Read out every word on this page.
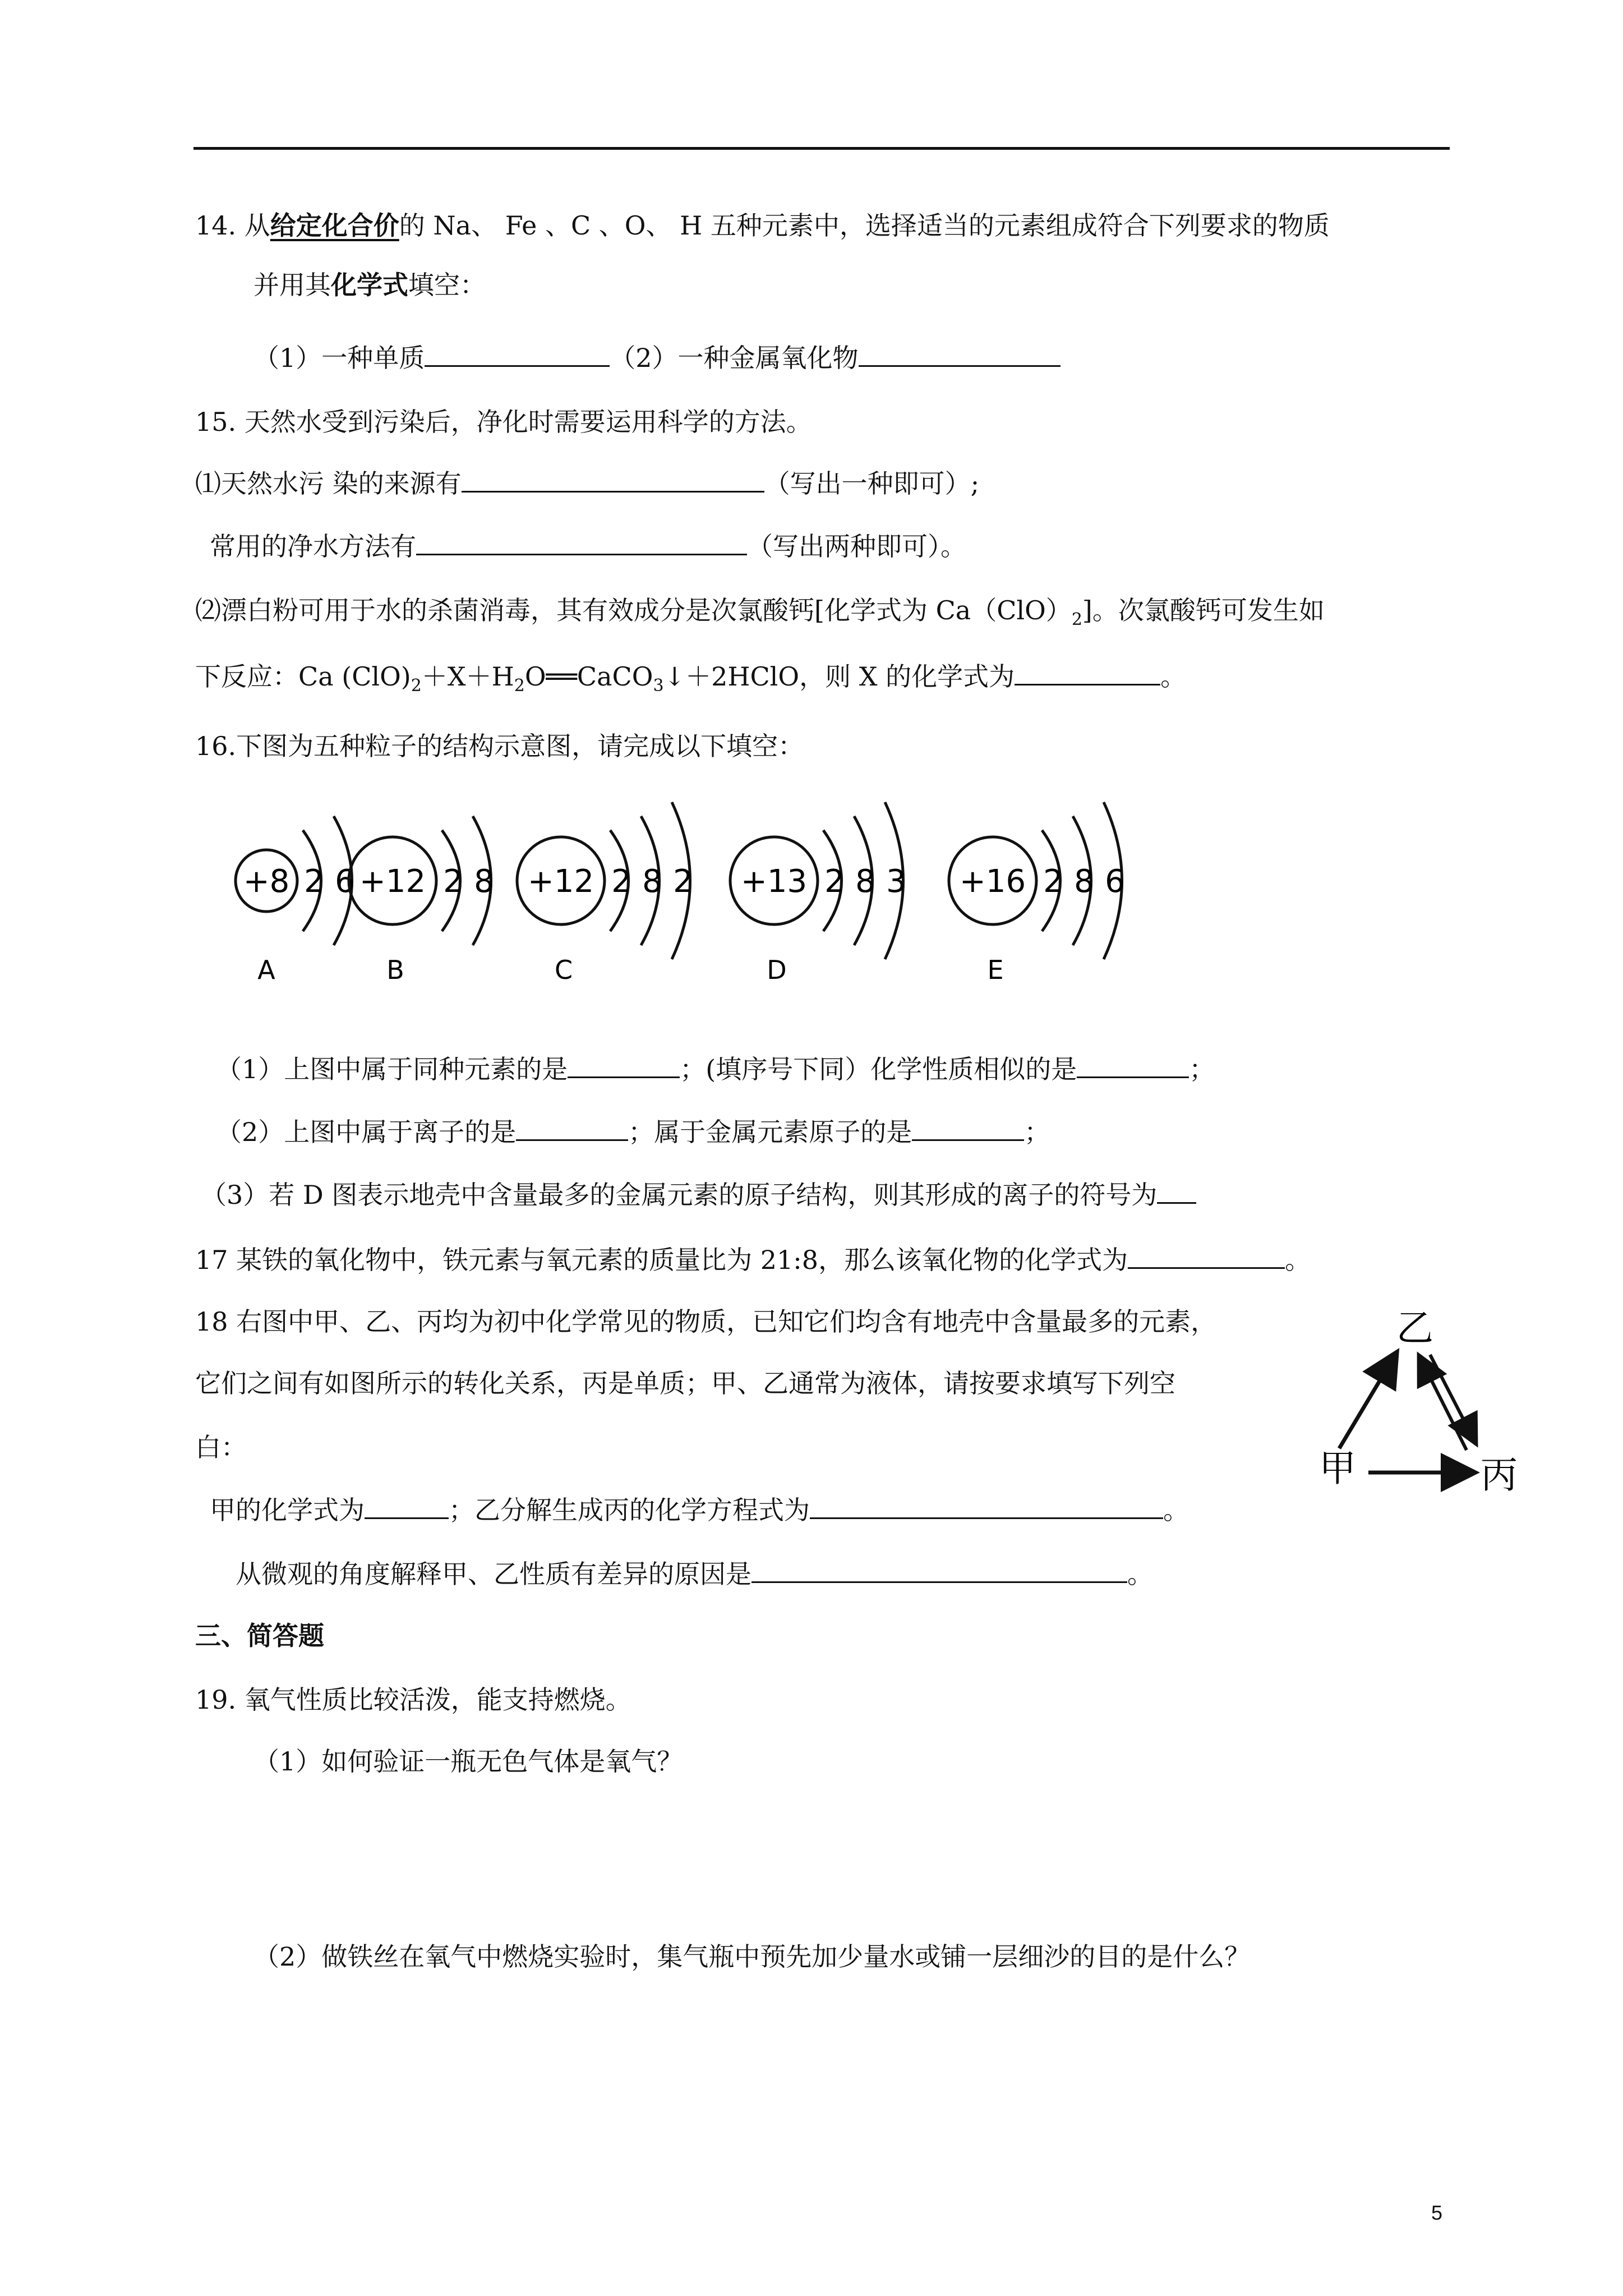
14. 从给定化合价的 Na、 Fe 、C 、O、 H 五种元素中，选择适当的元素组成符合下列要求的物质
并用其化学式填空：
（1）一种单质	（2）一种金属氧化物
15. 天然水受到污染后，净化时需要运用科学的方法。
⑴天然水污 染的来源有	（写出一种即可）;
常用的净水方法有	（写出两种即可）。
⑵漂白粉可用于水的杀菌消毒，其有效成分是次氯酸钙[化学式为 $Ca(ClO)_2$]。次氯酸钙可发生如
下反应：Ca $(ClO)_2+X+H_2O══CaCO_3↓+2HClO$，则 X 的化学式为	。
16.下图为五种粒子的结构示意图，请完成以下填空：
+8 2 6
A
+12 2 8
B
+12 2 8 2
C
+13 2 8 3
D
+16 2 8 6
E
（1）上图中属于同种元素的是	；(填序号下同）化学性质相似的是	；
（2）上图中属于离子的是	；属于金属元素原子的是	；
（3）若 D 图表示地壳中含量最多的金属元素的原子结构，则其形成的离子的符号为
17 某铁的氧化物中，铁元素与氧元素的质量比为 21:8，那么该氧化物的化学式为	。
18 右图中甲、乙、丙均为初中化学常见的物质，已知它们均含有地壳中含量最多的元素，
它们之间有如图所示的转化关系，丙是单质；甲、乙通常为液体，请按要求填写下列空
白：
甲的化学式为	；乙分解生成丙的化学方程式为	。
从微观的角度解释甲、乙性质有差异的原因是	。
乙
甲	丙
三、简答题
19. 氧气性质比较活泼，能支持燃烧。
（1）如何验证一瓶无色气体是氧气？
（2）做铁丝在氧气中燃烧实验时，集气瓶中预先加少量水或铺一层细沙的目的是什么？
5
